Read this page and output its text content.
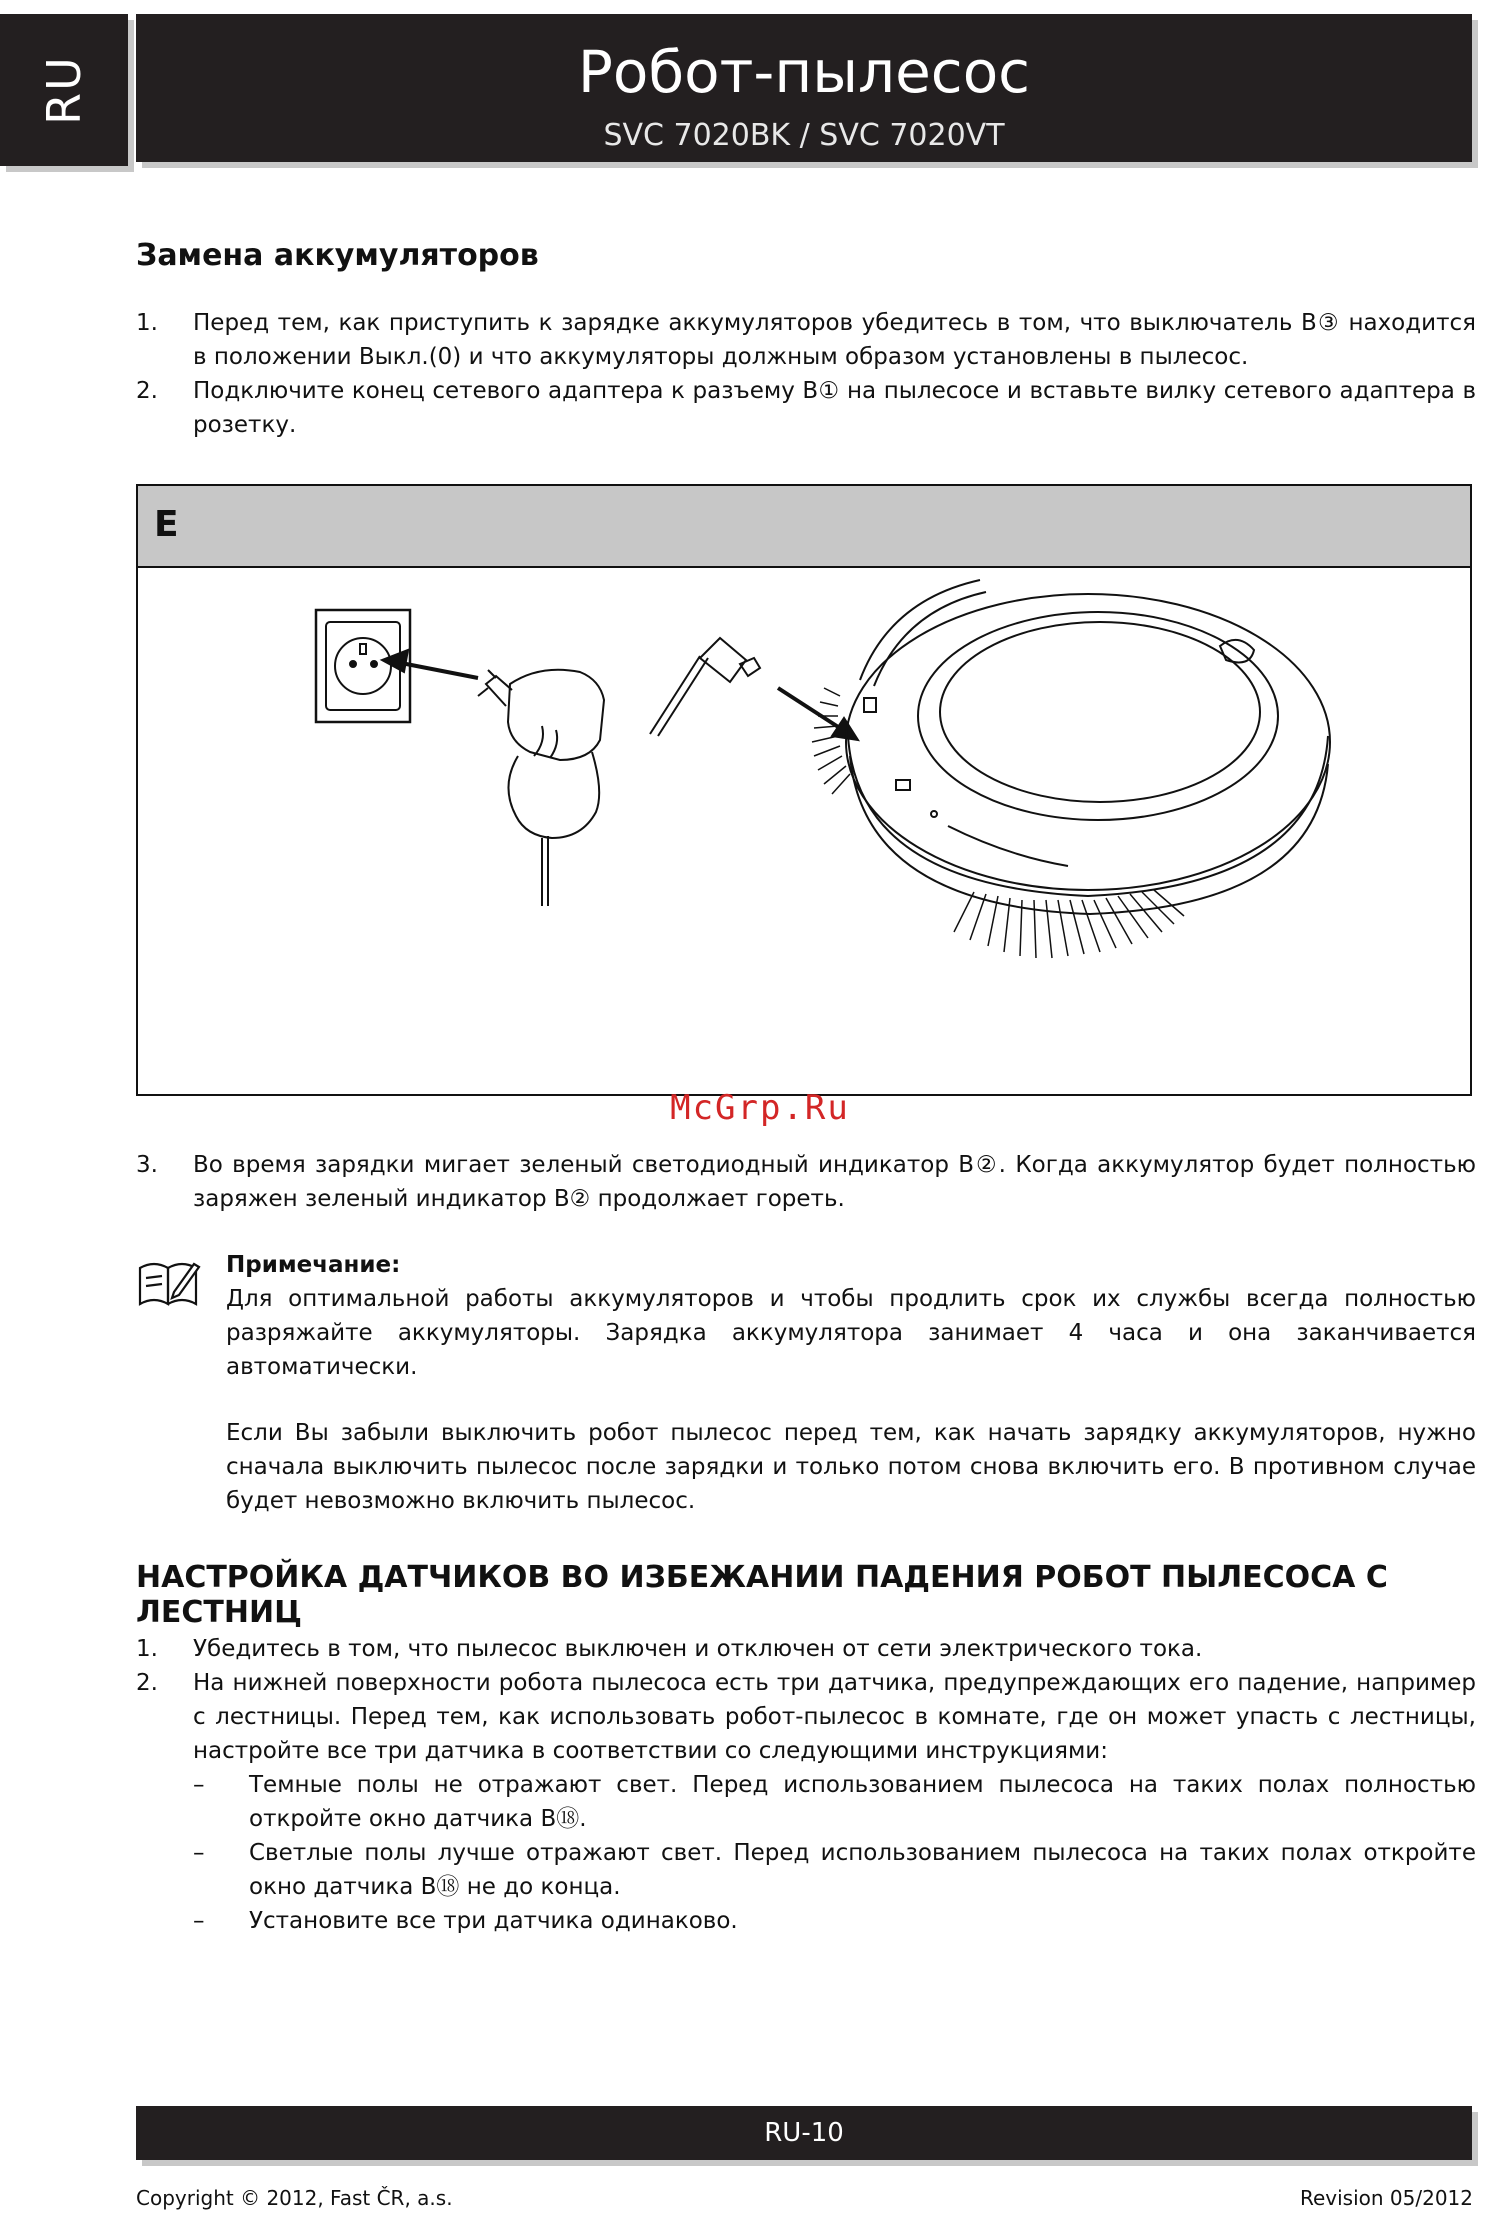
RU	Робот-пылесос
SVC 7020BK / SVC 7020VT
Замена аккумуляторов
1. Перед тем, как приступить к зарядке аккумуляторов убедитесь в том, что выключатель B③ находится в положении Выкл.(0) и что аккумуляторы должным образом установлены в пылесос.
2. Подключите конец сетевого адаптера к разъему B① на пылесосе и вставьте вилку сетевого адаптера в розетку.
E
McGrp.Ru
3. Во время зарядки мигает зеленый светодиодный индикатор B②. Когда аккумулятор будет полностью заряжен зеленый индикатор B② продолжает гореть.
Примечание:

Для оптимальной работы аккумуляторов и чтобы продлить срок их службы всегда полностью разряжайте аккумуляторы. Зарядка аккумулятора занимает 4 часа и она заканчивается автоматически.

Если Вы забыли выключить робот пылесос перед тем, как начать зарядку аккумуляторов, нужно сначала выключить пылесос после зарядки и только потом снова включить его. В противном случае будет невозможно включить пылесос.

НАСТРОЙКА ДАТЧИКОВ ВО ИЗБЕЖАНИИ ПАДЕНИЯ РОБОТ ПЫЛЕСОСА С ЛЕСТНИЦ
1. Убедитесь в том, что пылесос выключен и отключен от сети электрического тока.
2. На нижней поверхности робота пылесоса есть три датчика, предупреждающих его падение, например с лестницы. Перед тем, как использовать робот-пылесос в комнате, где он может упасть с лестницы, настройте все три датчика в соответствии со следующими инструкциями:
– Темные полы не отражают свет. Перед использованием пылесоса на таких полах полностью откройте окно датчика B⑱.
– Светлые полы лучше отражают свет. Перед использованием пылесоса на таких полах откройте окно датчика B⑱ не до конца.
– Установите все три датчика одинаково.
RU-10
Copyright © 2012, Fast ČR, a.s.	Revision 05/2012
